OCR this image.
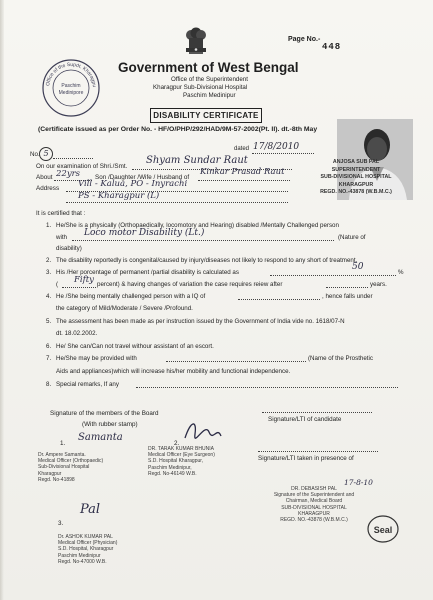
Page No.-
448
Office of the Supdt. Kharagpu
Paschim
Medinipore
Government of West Bengal
Office of the Superintendent
Kharagpur Sub-Divisional Hospital
Paschim Medinipur
DISABILITY CERTIFICATE
(Certificate issued as per Order No. - HF/O/PHP/292/HAD/9M-57-2002(Pt. II). dt.-8th May
No. 5	dated 17/8/2010
On our examination of Shri./Smt.
Shyam Sundar Raut
About 22yrs Son /Daughter /Wife / Husband of
Kinkar Prasad Raut
Address Vill - Kalua, PO - Inyrachi
PS - Kharagpur (L)
ANJOSA SUB PAL
SUPERINTENDENT
SUB-DIVISIONAL HOSPITAL
KHARAGPUR
REGD. NO.-43878 (W.B.M.C.)
It is certified that :
1. He/She is a physically (Orthopaedically, locomotory and Hearing) disabled /Mentally Challenged person
with Loco motor Disability (Lt.)	(Nature of
disability)
2. The disability reportedly is congenital/caused by injury/diseases not likely to respond to any short of treatment.
3. His /Her porcentage of permanent /partial disability is calculated as
50
%
( Fifty percent) & having changes of variation the case requires reiew after	years.
4. He /She being mentally challenged person with a IQ of	, hence falls under
the category of Mild/Moderate / Severe /Profound.
5. The assessment has been made as per instruction issued by the Government of India vide no. 1618/07-N
dt. 18.02.2002.
6. He/ She can/Can not travel withour assistant of an escort.
7. He/She may be provided with	(Name of the Prosthetic
Aids and appliances)which will increase his/her mobility and functional independence.
8. Special remarks, If any
Signature of the members of the Board
(With rubber stamp)
Signature/LTI of candidate
1.
Samanta
Dr. Ampere Samanta.
Medical Officer (Orthopaedic)
Sub-Divisional Hospital
Kharagpur
Regd. No-41898
2.
DR. TARAK KUMAR BHUNIA
Medical Officer (Eye Surgeon)
S.D. Hospital Kharagpur,
Paschim Medinipur,
Regd. No-46149 W.B.
Signature/LTI taken in presence of
17-8-10
DR. DEBASISH PAL
Signature of the Superintendent and
Chairman, Medical Board
SUB-DIVISIONAL HOSPITAL
KHARAGPUR
REGD. NO.-43878 (W.B.M.C.)
3.
Pal
Dr. ASHOK KUMAR PAL
Medical Officer (Physician)
S.D. Hospital, Kharagpur
Paschim Medinipur
Regd. No-47000 W.B.
Seal
